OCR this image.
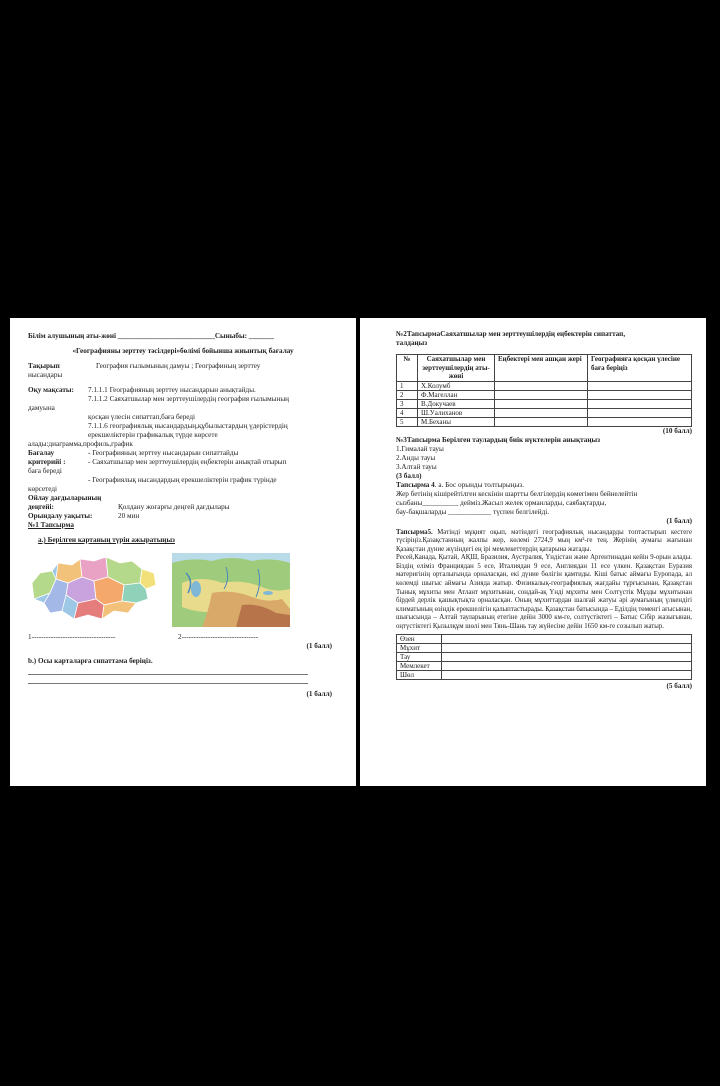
Білім алушының аты-жөні ___________________________Сыныбы: _______
«Географияны зерттеу тәсілдері»бөлімі бойынша жиынтық бағалау
Тақырып	География ғылымының дамуы ; Географиның зерттеу
нысандары
Оқу мақсаты:	7.1.1.1 Географияның зерттеу нысандарын анықтайды.
7.1.1.2 Саяхатшылар мен зерттеушілердің география ғылымының
дамуына
қосқан үлесін сипаттап,баға береді
7.1.1.6 географиялық нысандардың,құбылыстардың үдерістердің
ерекшеліктерін графикалық түрде көрсете
алады:диаграмма,профиль,график
Бағалау	- Географияның зерттеу нысандарын сипаттайды
критерийі :	- Саяхатшылар мен зерттеушілердің еңбектерін анықтай отырып
баға береді
- Географиялық нысандардың ерекшеліктерін график түрінде
көрсетеді
Ойлау дағдыларының
деңгейі:	Қолдану жоғарғы деңгей дағдылары
Орындалу уақыты:	20 мин
№1 Тапсырма
а.) Берілген картаның түрін ажыратыңыз
1-----------------------------------	2--------------------------------
(1 балл)
b.) Осы карталарға сипаттама беріңіз.
(1 балл)
№2ТапсырмаСаяхатшылар мен зерттеушілердің еңбектерін сипаттап,
талдаңыз
№	Саяхатшылар мен зерттеушілердің аты-жөні	Еңбектері мен ашқан жері	Географияға қосқан үлесіне баға беріңіз
1	Х.Колумб		
2	Ф.Магеллан		
3	В.Докучаев		
4	Ш.Уалиханов		
5	М.Беханы		
(10 балл)
№3Тапсырма Берілген таулардың биік нүктелерін анықтаңыз
1.Гималай тауы
2.Анды тауы
3.Алтай тауы
(3 балл)
Тапсырма 4. а. Бос орынды толтырыңыз.
Жер бетінің кішірейтілген кескінін шартты белгілердің көмегімен бейнелейтін
сызбаны__________ дейміз.Жасыл желек орманларды, саябақтарды,
бау-бақшаларды ____________ түспен белгілейді.
(1 балл)
Тапсырма5. Мәтінді мұқият оқып, мәтіндегі географиялық нысандарды топтастырып кестеге түсіріңіз.Қазақстанның жалпы жер, көлемі 2724,9 мың км²-ге тең. Жерінің аумағы жағынан Қазақстан дүние жүзіндегі ең ірі мемлекеттердің қатарына жатады.
Ресей,Канада, Қытай, АҚШ, Бразилия, Аустралия, Үндістан және Аргентинадан кейін 9-орын алады. Біздің еліміз Франциядан 5 есе, Италиядан 9 есе, Англиядан 11 есе үлкен. Қазақстан Еуразия материгінің орталығында орналасқан, екі дүние бөлігін қамтиды. Кіші батыс аймағы Еуропада, ал көлемді шығыс аймағы Азияда жатыр. Физикалық-географиялық жағдайы тұрғысынан, Қазақстан Тынық мұхиты мен Атлант мұхитынан, сондай-ақ Үнді мұхиты мен Солтүстік Мұзды мұхитынан бірдей дерлік қашықтықта орналасқан. Оның мұхиттардан шалғай жатуы әрі аумағының үлкендігі климатының өзіндік ерекшелігін қалыптастырады. Қазақстан батысында – Еділдің төменгі ағысынан, шығысында – Алтай тауларының етегіне дейін 3000 км-ге, солтүстіктегі – Батыс Сібір жазығынан, оңтүстіктегі Қызылқұм шөлі мен Тянь-Шань тау жүйесіне дейін 1650 км-ге созылып жатыр.
Өзен	
Мұхит	
Тау	
Мемлекет	
Шөл	
(5 балл)
